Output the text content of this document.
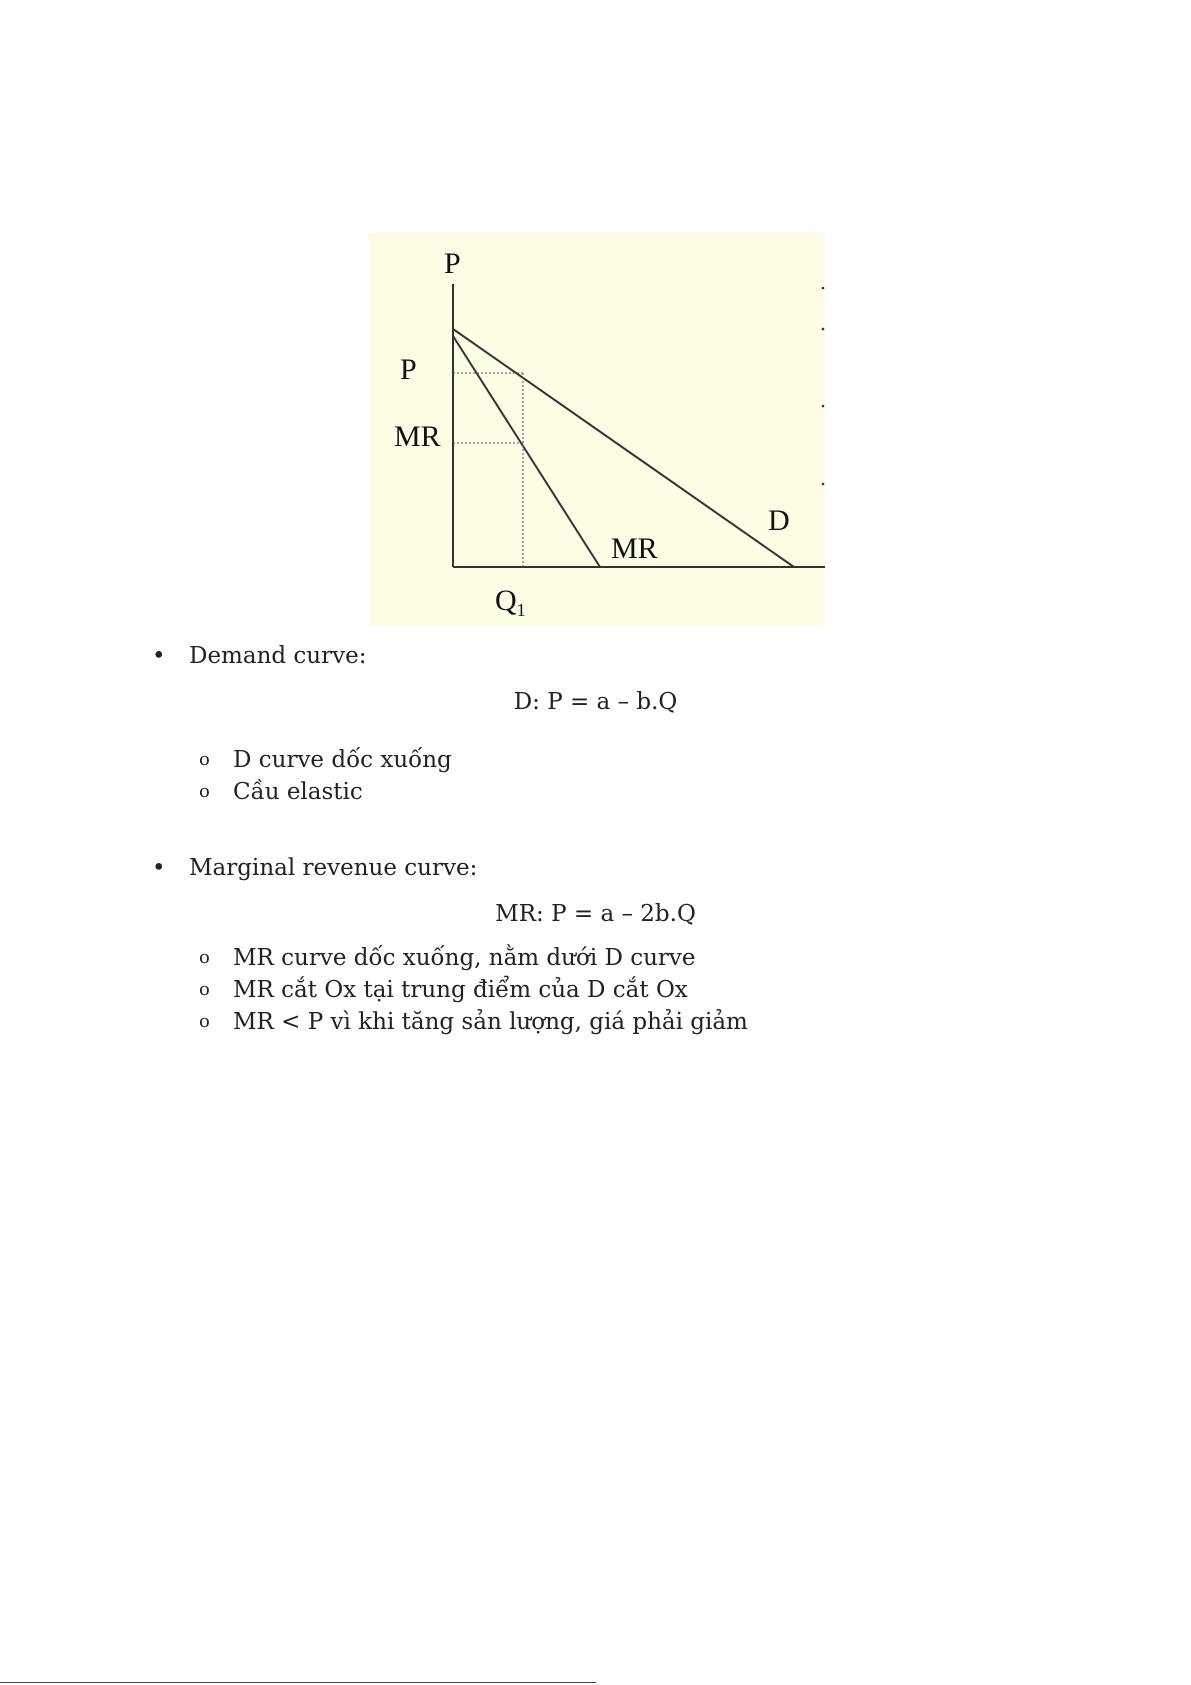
P
P
MR
MR
D
$Q_1$
• Demand curve:
D: P = a – b.Q
o D curve dốc xuống
o Cầu elastic
• Marginal revenue curve:
MR: P = a – 2b.Q
o MR curve dốc xuống, nằm dưới D curve
o MR cắt Ox tại trung điểm của D cắt Ox
o MR < P vì khi tăng sản lượng, giá phải giảm
